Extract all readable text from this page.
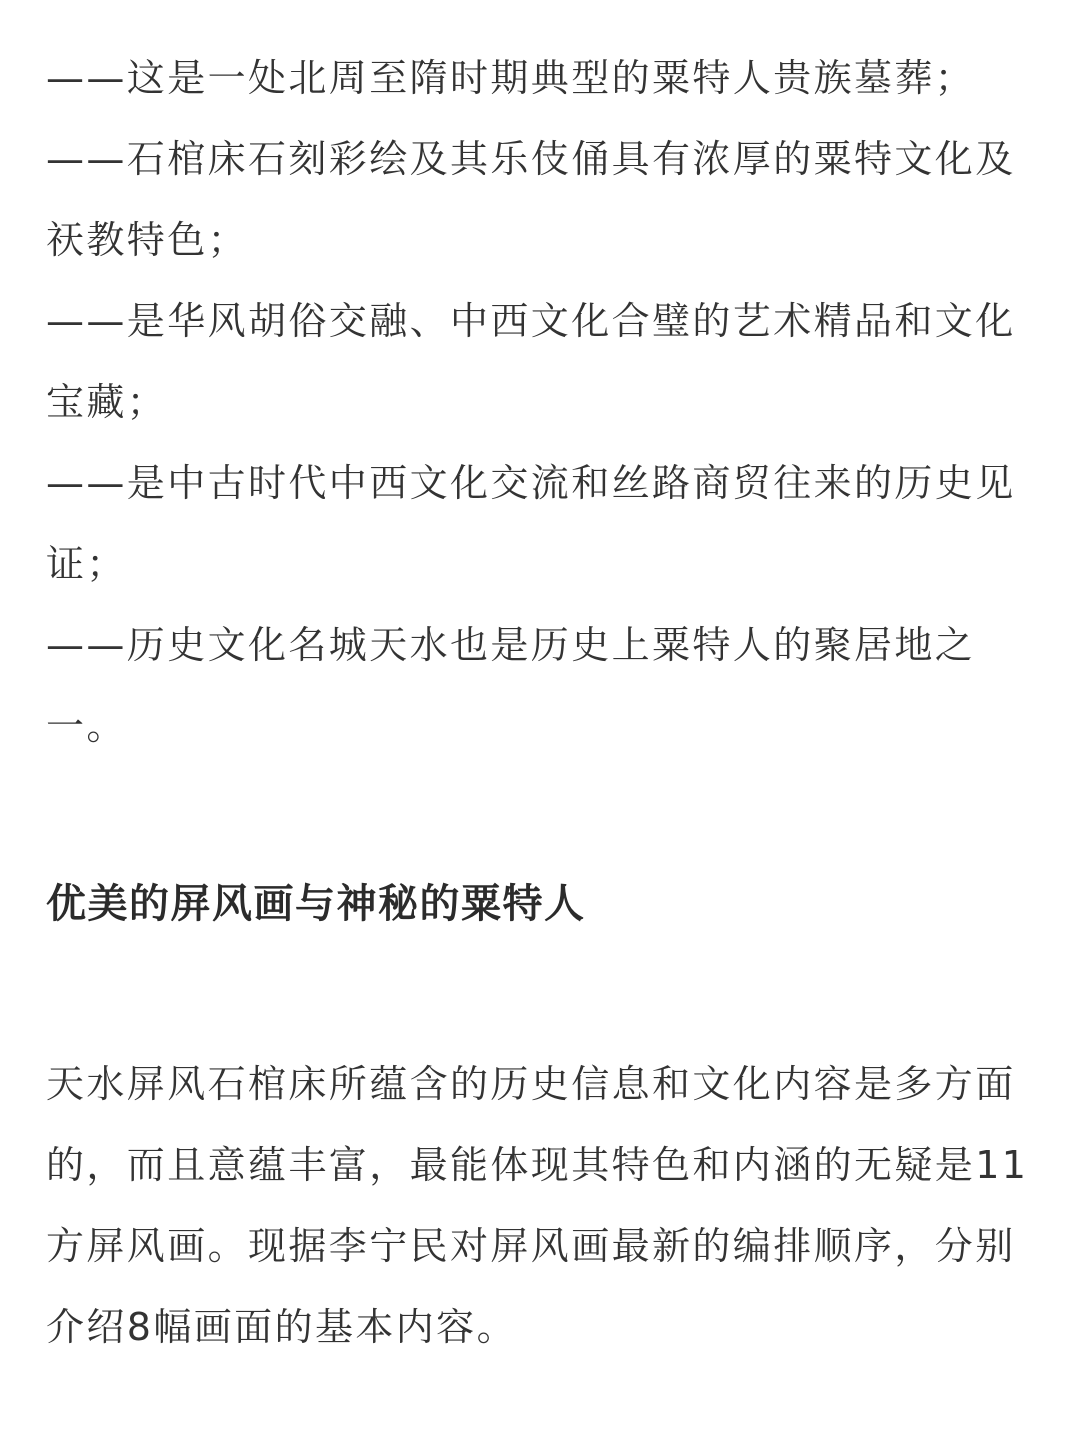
——这是一处北周至隋时期典型的粟特人贵族墓葬；
——石棺床石刻彩绘及其乐伎俑具有浓厚的粟特文化及祆教特色；
——是华风胡俗交融、中西文化合璧的艺术精品和文化宝藏；
——是中古时代中西文化交流和丝路商贸往来的历史见证；
——历史文化名城天水也是历史上粟特人的聚居地之一。
优美的屏风画与神秘的粟特人

天水屏风石棺床所蕴含的历史信息和文化内容是多方面的，而且意蕴丰富，最能体现其特色和内涵的无疑是11方屏风画。现据李宁民对屏风画最新的编排顺序，分别介绍8幅画面的基本内容。
